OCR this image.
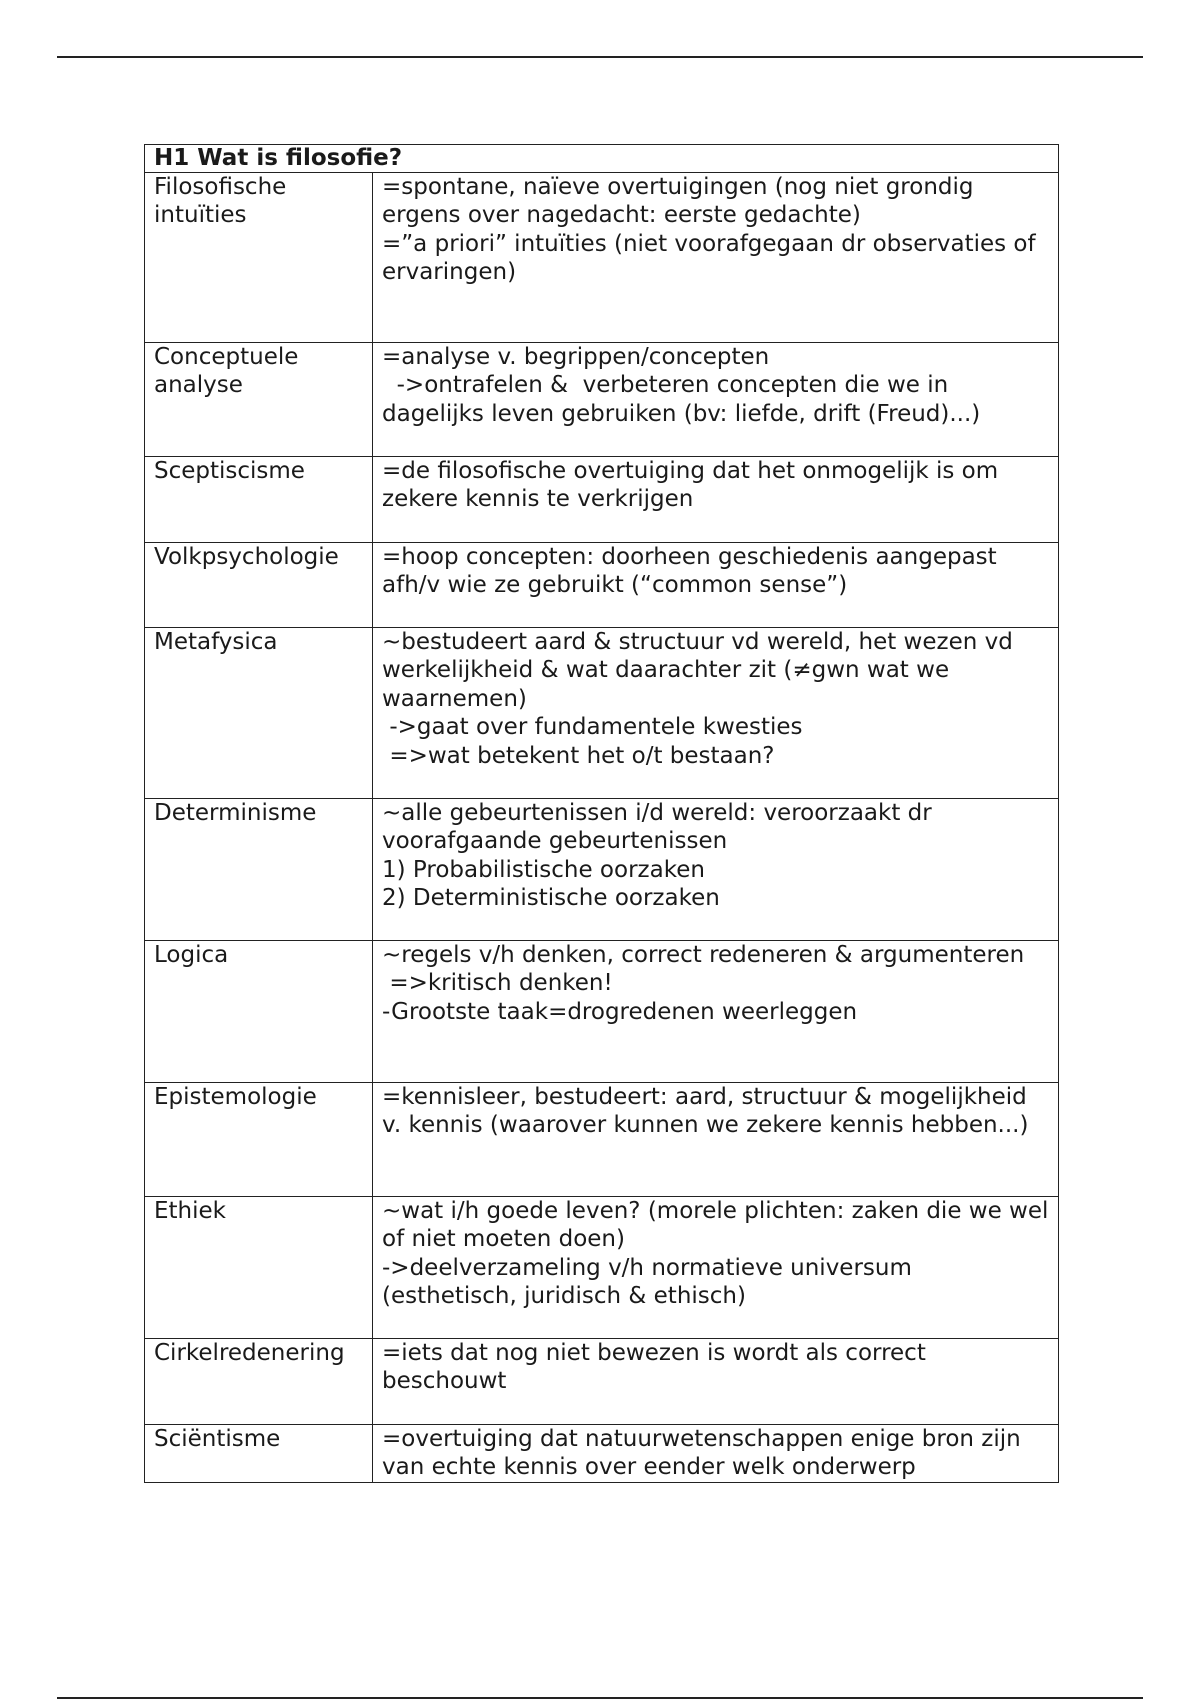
H1 Wat is filosofie?	
Filosofische intuïties	=spontane, naïeve overtuigingen (nog niet grondig ergens over nagedacht: eerste gedachte)
=”a priori” intuïties (niet voorafgegaan dr observaties of ervaringen)

Conceptuele analyse	=analyse v. begrippen/concepten
->ontrafelen &  verbeteren concepten die we in dagelijks leven gebruiken (bv: liefde, drift (Freud)...)

Sceptiscisme	=de filosofische overtuiging dat het onmogelijk is om zekere kennis te verkrijgen

Volkpsychologie	=hoop concepten: doorheen geschiedenis aangepast afh/v wie ze gebruikt (“common sense”)

Metafysica	~bestudeert aard & structuur vd wereld, het wezen vd werkelijkheid & wat daarachter zit (≠gwn wat we waarnemen)
->gaat over fundamentele kwesties
=>wat betekent het o/t bestaan?

Determinisme	~alle gebeurtenissen i/d wereld: veroorzaakt dr voorafgaande gebeurtenissen
1) Probabilistische oorzaken
2) Deterministische oorzaken

Logica	~regels v/h denken, correct redeneren & argumenteren
=>kritisch denken!
-Grootste taak=drogredenen weerleggen

Epistemologie	=kennisleer, bestudeert: aard, structuur & mogelijkheid v. kennis (waarover kunnen we zekere kennis hebben...)

Ethiek	~wat i/h goede leven? (morele plichten: zaken die we wel of niet moeten doen)
->deelverzameling v/h normatieve universum (esthetisch, juridisch & ethisch)

Cirkelredenering	=iets dat nog niet bewezen is wordt als correct beschouwt

Sciëntisme	=overtuiging dat natuurwetenschappen enige bron zijn van echte kennis over eender welk onderwerp
